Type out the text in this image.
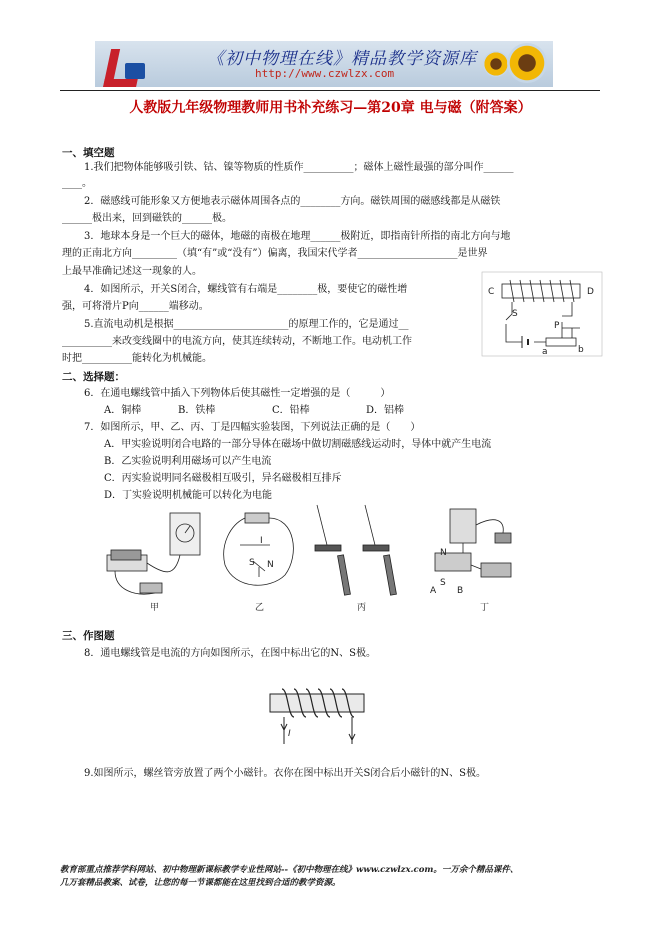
《初中物理在线》精品教学资源库
http://www.czwlzx.com
人教版九年级物理教师用书补充练习—第20章 电与磁（附答案）
一、填空题
1.我们把物体能够吸引铁、钴、镍等物质的性质作__________；磁体上磁性最强的部分叫作______
____。
2．磁感线可能形象又方便地表示磁体周围各点的________方向。磁铁周围的磁感线都是从磁铁
______极出来，回到磁铁的______极。
3．地球本身是一个巨大的磁体，地磁的南极在地理______极附近，即指南针所指的南北方向与地
理的正南北方向_________（填“有”或“没有”）偏离，我国宋代学者____________________是世界
上最早准确记述这一现象的人。
4．如图所示，开关S闭合，螺线管有右端是________极，要使它的磁性增
强，可将滑片P向______端移动。
5.直流电动机是根据_______________________的原理工作的，它是通过__
__________来改变线圈中的电流方向，使其连续转动，不断地工作。电动机工作
时把__________能转化为机械能。
C	D
S
P
a	b
二、选择题：
6．在通电螺线管中插入下列物体后使其磁性一定增强的是（　　　）
A．铜棒	B．铁棒	C．铅棒	D．铝棒
7．如图所示，甲、乙、丙、丁是四幅实验装图，下列说法正确的是（　　）
A．甲实验说明闭合电路的一部分导体在磁场中做切割磁感线运动时，导体中就产生电流
B．乙实验说明利用磁场可以产生电流
C．丙实验说明同名磁极相互吸引，异名磁极相互排斥
D．丁实验说明机械能可以转化为电能
甲
I
S N
乙	丙
N
S
A B
丁
三、作图题
8．通电螺线管是电流的方向如图所示，在图中标出它的N、S极。
I
9.如图所示，螺丝管旁放置了两个小磁针。衣你在图中标出开关S闭合后小磁针的N、S极。
教育部重点推荐学科网站、初中物理新课标教学专业性网站--《初中物理在线》www.czwlzx.com。一万余个精品课件、
几万套精品教案、试卷，让您的每一节课都能在这里找到合适的教学资源。
